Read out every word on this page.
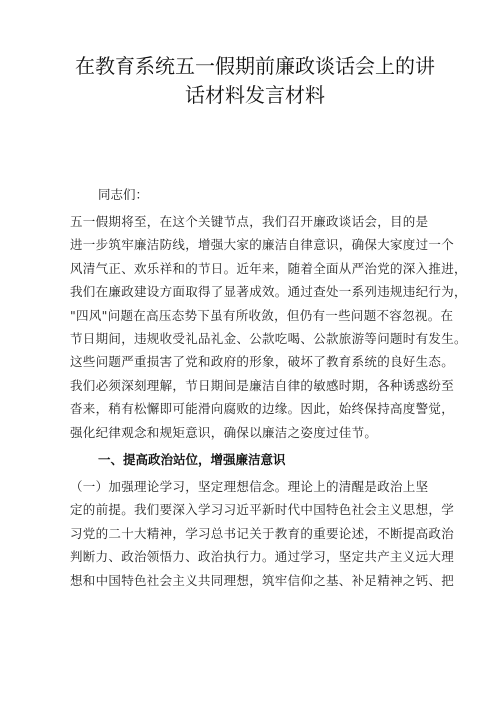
在教育系统五一假期前廉政谈话会上的讲
话材料发言材料

同志们：

五一假期将至，在这个关键节点，我们召开廉政谈话会，目的是
进一步筑牢廉洁防线，增强大家的廉洁自律意识，确保大家度过一个
风清气正、欢乐祥和的节日。近年来，随着全面从严治党的深入推进，
我们在廉政建设方面取得了显著成效。通过查处一系列违规违纪行为，
"四风"问题在高压态势下虽有所收敛，但仍有一些问题不容忽视。在
节日期间，违规收受礼品礼金、公款吃喝、公款旅游等问题时有发生。
这些问题严重损害了党和政府的形象，破坏了教育系统的良好生态。
我们必须深刻理解，节日期间是廉洁自律的敏感时期，各种诱惑纷至
沓来，稍有松懈即可能滑向腐败的边缘。因此，始终保持高度警觉，
强化纪律观念和规矩意识，确保以廉洁之姿度过佳节。

一、提高政治站位，增强廉洁意识

（一）加强理论学习，坚定理想信念。理论上的清醒是政治上坚
定的前提。我们要深入学习习近平新时代中国特色社会主义思想，学
习党的二十大精神，学习总书记关于教育的重要论述，不断提高政治
判断力、政治领悟力、政治执行力。通过学习，坚定共产主义远大理
想和中国特色社会主义共同理想，筑牢信仰之基、补足精神之钙、把
